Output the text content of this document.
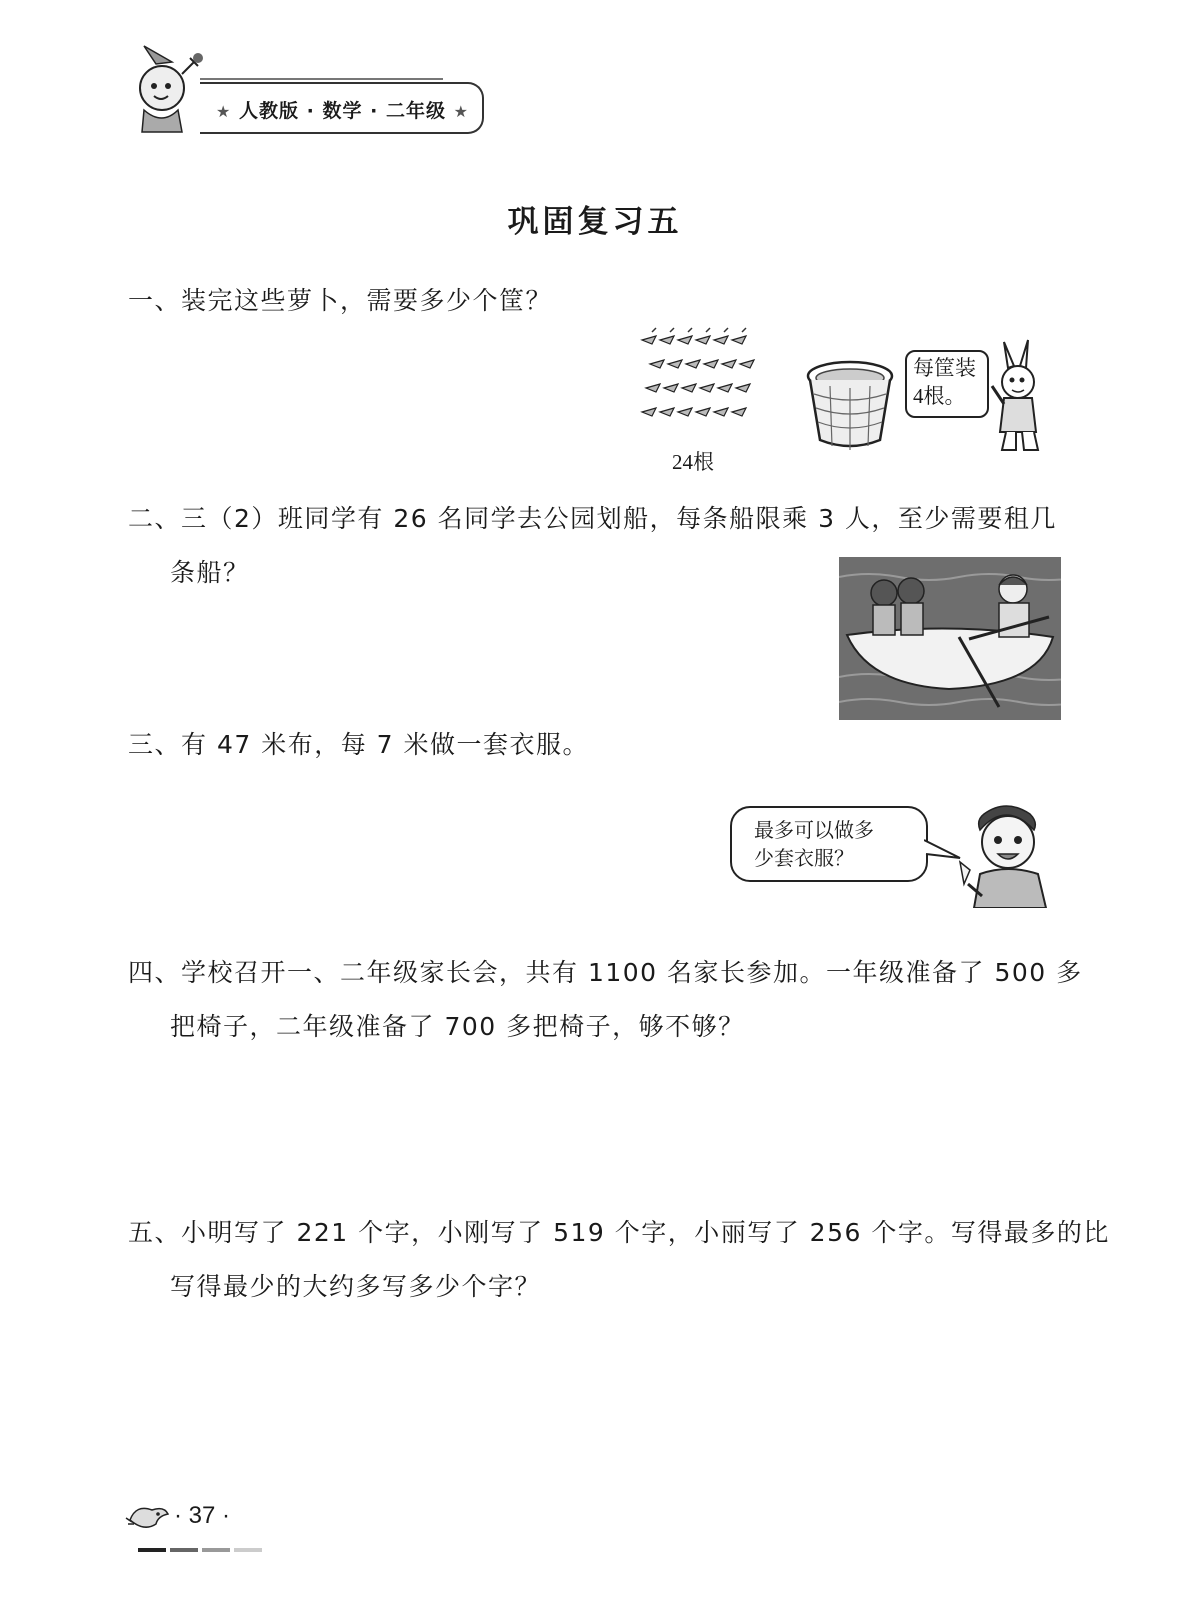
★ 人教版 · 数学 · 二年级 ★
巩固复习五
一、装完这些萝卜，需要多少个筐？
24根
每筐装
4根。
二、三（2）班同学有 26 名同学去公园划船，每条船限乘 3 人，至少需要租几
条船？
三、有 47 米布，每 7 米做一套衣服。
最多可以做多
少套衣服？
四、学校召开一、二年级家长会，共有 1100 名家长参加。一年级准备了 500 多
把椅子，二年级准备了 700 多把椅子，够不够？
五、小明写了 221 个字，小刚写了 519 个字，小丽写了 256 个字。写得最多的比
写得最少的大约多写多少个字？
· 37 ·
